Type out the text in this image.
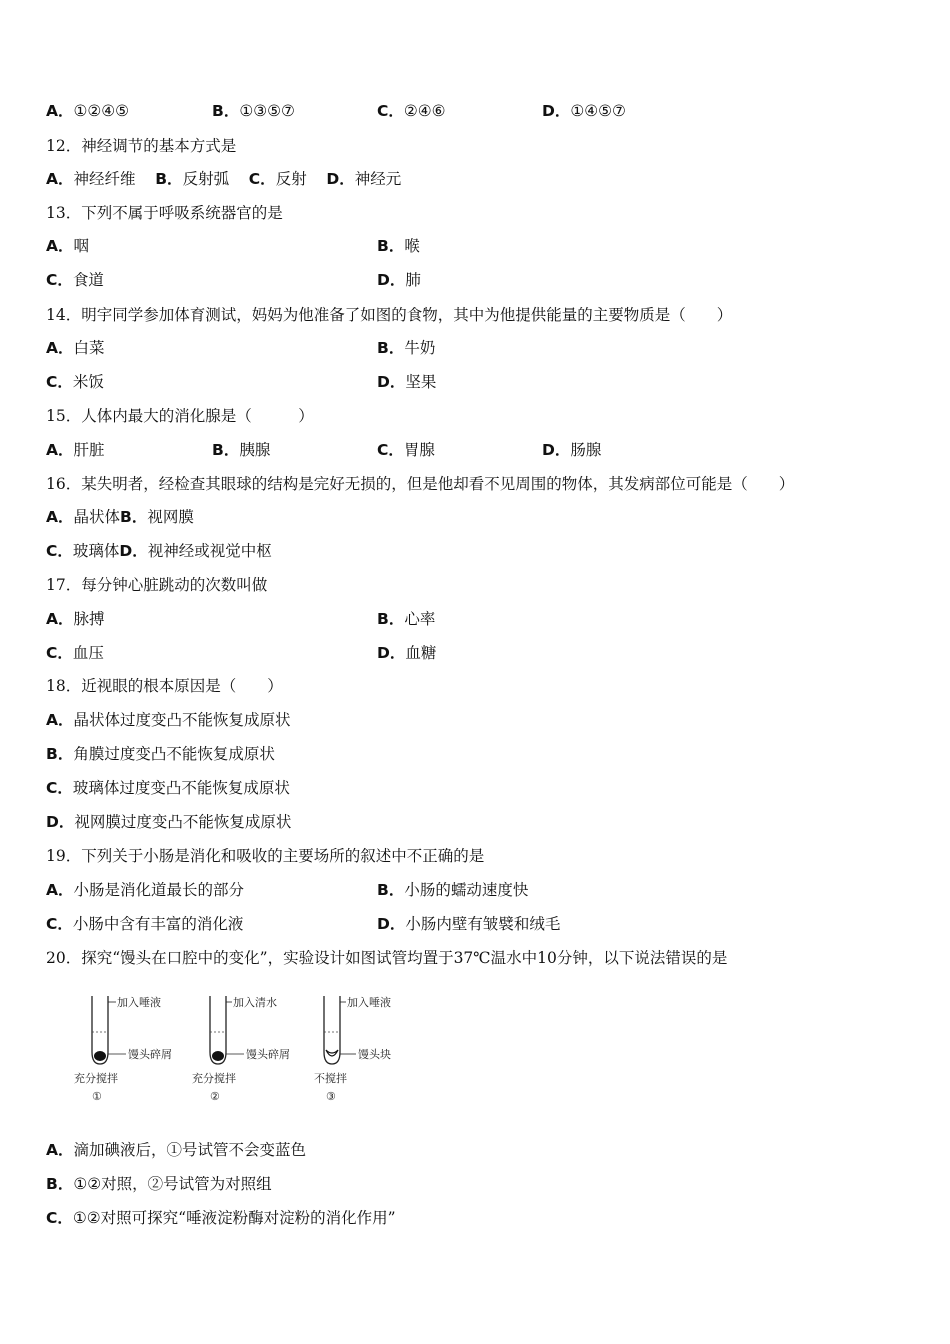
A．①②④⑤	B．①③⑤⑦	C．②④⑥	D．①④⑤⑦
12．神经调节的基本方式是
A．神经纤维 B．反射弧 C．反射 D．神经元
13．下列不属于呼吸系统器官的是
A．咽	B．喉
C．食道	D．肺
14．明宇同学参加体育测试，妈妈为他准备了如图的食物，其中为他提供能量的主要物质是（　　）
A．白菜	B．牛奶
C．米饭	D．坚果
15．人体内最大的消化腺是（　　　）
A．肝脏	B．胰腺	C．胃腺	D．肠腺
16．某失明者，经检查其眼球的结构是完好无损的，但是他却看不见周围的物体，其发病部位可能是（　　）
A．晶状体B．视网膜
C．玻璃体D．视神经或视觉中枢
17．每分钟心脏跳动的次数叫做
A．脉搏	B．心率
C．血压	D．血糖
18．近视眼的根本原因是（　　）
A．晶状体过度变凸不能恢复成原状
B．角膜过度变凸不能恢复成原状
C．玻璃体过度变凸不能恢复成原状
D．视网膜过度变凸不能恢复成原状
19．下列关于小肠是消化和吸收的主要场所的叙述中不正确的是
A．小肠是消化道最长的部分	B．小肠的蠕动速度快
C．小肠中含有丰富的消化液	D．小肠内壁有皱襞和绒毛
20．探究“馒头在口腔中的变化”，实验设计如图试管均置于37℃温水中10分钟，以下说法错误的是
加入唾液
馒头碎屑
充分搅拌
①
加入清水
馒头碎屑
充分搅拌
②
加入唾液
馒头块
不搅拌
③
A．滴加碘液后，①号试管不会变蓝色
B．①②对照，②号试管为对照组
C．①②对照可探究“唾液淀粉酶对淀粉的消化作用”
